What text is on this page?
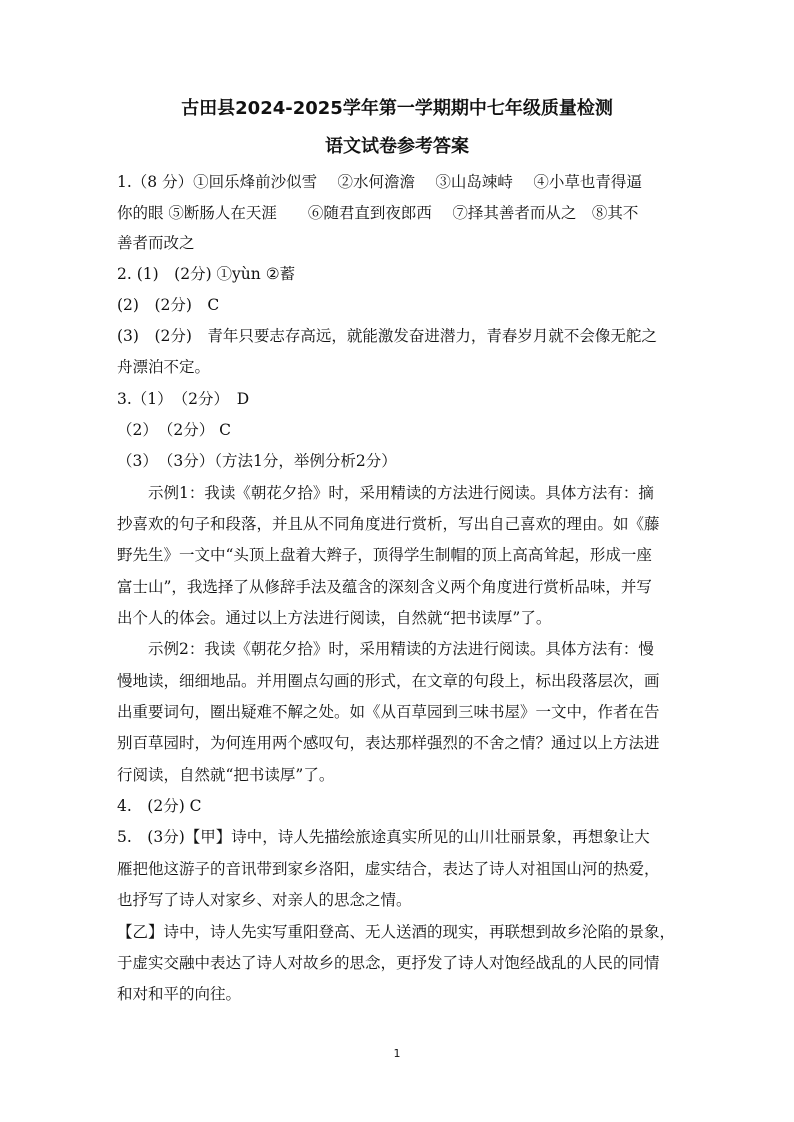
古田县2024-2025学年第一学期期中七年级质量检测
语文试卷参考答案
1.（8 分）①回乐烽前沙似雪　 ②水何澹澹　 ③山岛竦峙　 ④小草也青得逼
你的眼 ⑤断肠人在天涯　　⑥随君直到夜郎西　 ⑦择其善者而从之　⑧其不
善者而改之
2. (1)　(2分) ①yùn ②蓄
(2)　(2分)　C
(3)　(2分)　青年只要志存高远，就能激发奋进潜力，青春岁月就不会像无舵之
舟漂泊不定。
3.（1）　（2分）　D
（2）　（2分） C
（3）　（3分）（方法1分，举例分析2分）
　　示例1：我读《朝花夕拾》时，采用精读的方法进行阅读。具体方法有：摘
抄喜欢的句子和段落，并且从不同角度进行赏析，写出自己喜欢的理由。如《藤
野先生》一文中“头顶上盘着大辫子，顶得学生制帽的顶上高高耸起，形成一座
富士山”，我选择了从修辞手法及蕴含的深刻含义两个角度进行赏析品味，并写
出个人的体会。通过以上方法进行阅读，自然就“把书读厚”了。
　　示例2：我读《朝花夕拾》时，采用精读的方法进行阅读。具体方法有：慢
慢地读，细细地品。并用圈点勾画的形式，在文章的句段上，标出段落层次，画
出重要词句，圈出疑难不解之处。如《从百草园到三味书屋》一文中，作者在告
别百草园时，为何连用两个感叹句，表达那样强烈的不舍之情？通过以上方法进
行阅读，自然就“把书读厚”了。
4.　(2分) C
5.　(3分)【甲】诗中，诗人先描绘旅途真实所见的山川壮丽景象，再想象让大
雁把他这游子的音讯带到家乡洛阳，虚实结合，表达了诗人对祖国山河的热爱，
也抒写了诗人对家乡、对亲人的思念之情。
【乙】诗中，诗人先实写重阳登高、无人送酒的现实，再联想到故乡沦陷的景象，
于虚实交融中表达了诗人对故乡的思念，更抒发了诗人对饱经战乱的人民的同情
和对和平的向往。
1
